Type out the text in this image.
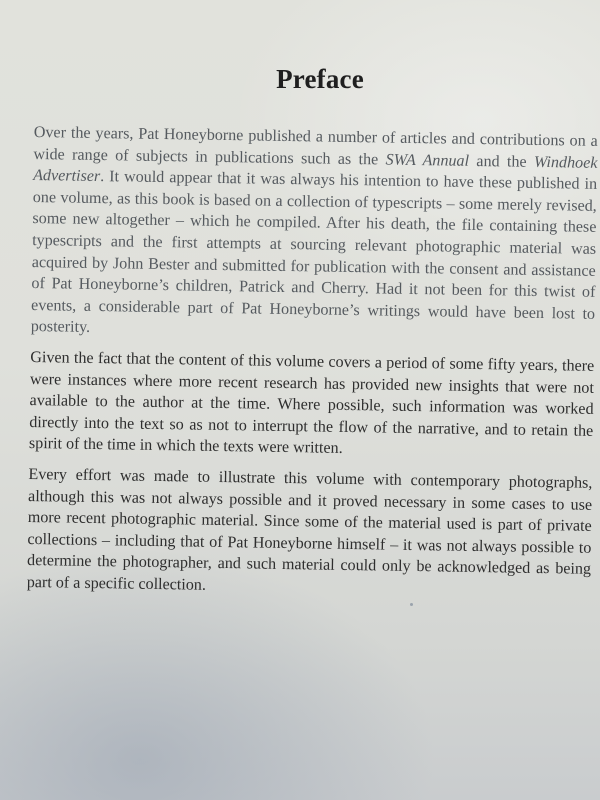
Preface

Over the years, Pat Honeyborne published a number of articles and contributions on a wide range of subjects in publications such as the SWA Annual and the Windhoek Advertiser. It would appear that it was always his intention to have these published in one volume, as this book is based on a collection of typescripts – some merely revised, some new altogether – which he compiled. After his death, the file containing these typescripts and the first attempts at sourcing relevant photographic material was acquired by John Bester and submitted for publication with the consent and assistance of Pat Honeyborne’s children, Patrick and Cherry. Had it not been for this twist of events, a considerable part of Pat Honeyborne’s writings would have been lost to posterity.

Given the fact that the content of this volume covers a period of some fifty years, there were instances where more recent research has provided new insights that were not available to the author at the time. Where possible, such information was worked directly into the text so as not to interrupt the flow of the narrative, and to retain the spirit of the time in which the texts were written.

Every effort was made to illustrate this volume with contemporary photographs, although this was not always possible and it proved necessary in some cases to use more recent photographic material. Since some of the material used is part of private collections – including that of Pat Honeyborne himself – it was not always possible to determine the photographer, and such material could only be acknowledged as being part of a specific collection.
